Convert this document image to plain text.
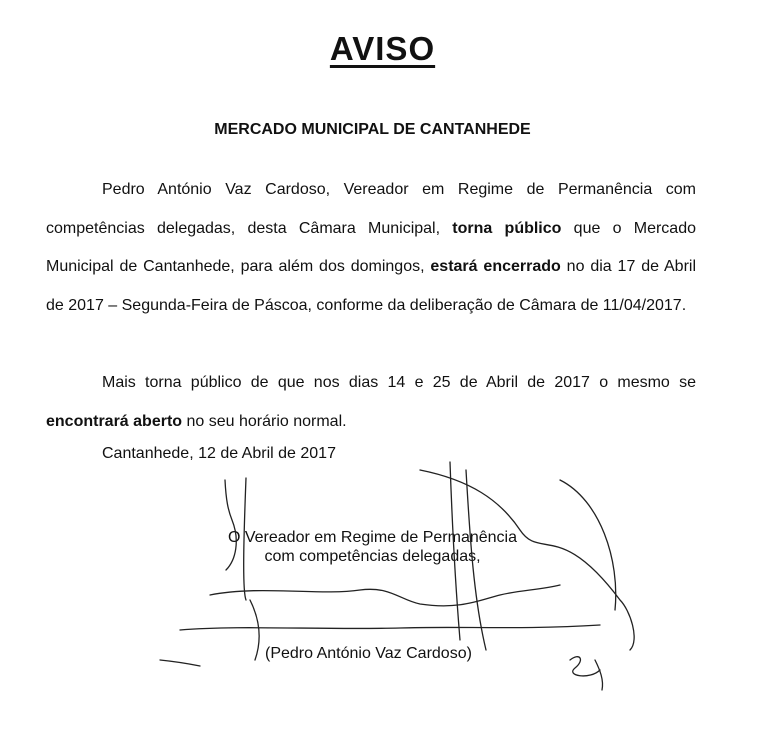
AVISO
MERCADO MUNICIPAL DE CANTANHEDE

Pedro António Vaz Cardoso, Vereador em Regime de Permanência com competências delegadas, desta Câmara Municipal, torna público que o Mercado Municipal de Cantanhede, para além dos domingos, estará encerrado no dia 17 de Abril de 2017 – Segunda-Feira de Páscoa, conforme da deliberação de Câmara de 11/04/2017.

Mais torna público de que nos dias 14 e 25 de Abril de 2017 o mesmo se encontrará aberto no seu horário normal.

Cantanhede, 12 de Abril de 2017
O Vereador em Regime de Permanência
com competências delegadas,
(Pedro António Vaz Cardoso)
